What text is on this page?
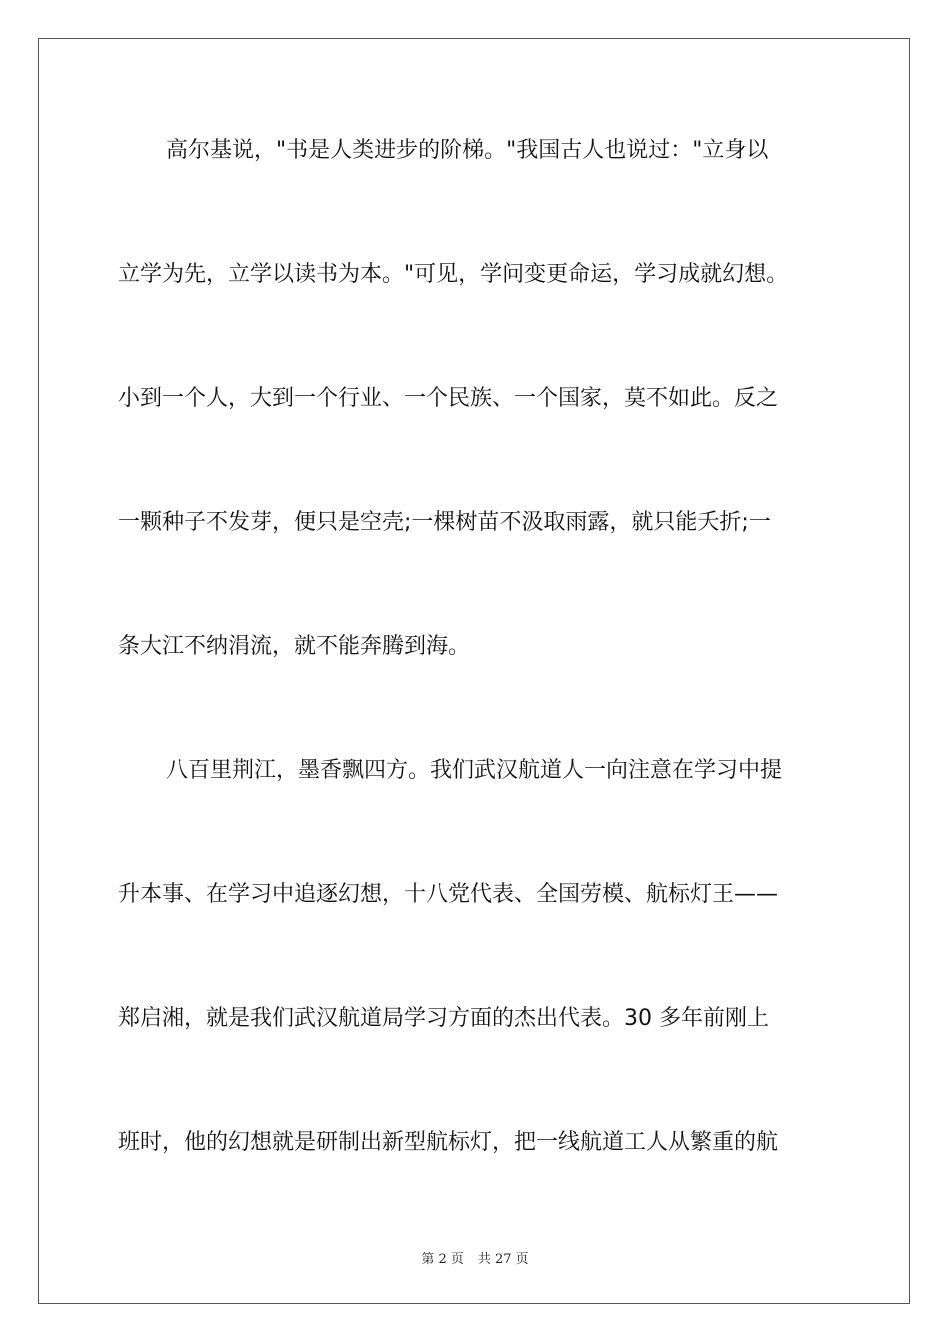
高尔基说，"书是人类进步的阶梯。"我国古人也说过："立身以
立学为先，立学以读书为本。"可见，学问变更命运，学习成就幻想。
小到一个人，大到一个行业、一个民族、一个国家，莫不如此。反之
一颗种子不发芽，便只是空壳;一棵树苗不汲取雨露，就只能夭折;一
条大江不纳涓流，就不能奔腾到海。
八百里荆江，墨香飘四方。我们武汉航道人一向注意在学习中提
升本事、在学习中追逐幻想，十八党代表、全国劳模、航标灯王——
郑启湘，就是我们武汉航道局学习方面的杰出代表。30 多年前刚上
班时，他的幻想就是研制出新型航标灯，把一线航道工人从繁重的航
第 2 页 共 27 页
